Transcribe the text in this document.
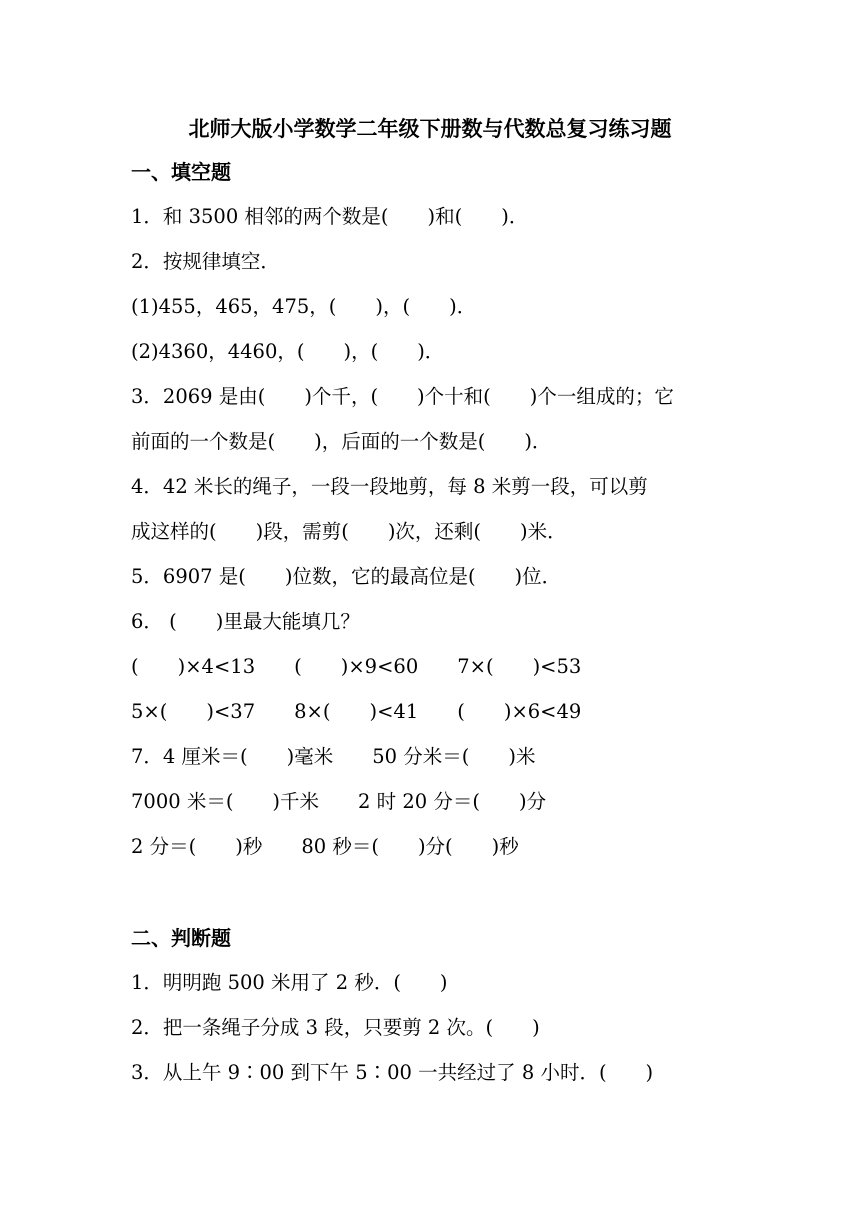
北师大版小学数学二年级下册数与代数总复习练习题
一、填空题
1．和 3500 相邻的两个数是(　　)和(　　)．
2．按规律填空．
(1)455，465，475，(　　)，(　　)．
(2)4360，4460，(　　)，(　　)．
3．2069 是由(　　)个千，(　　)个十和(　　)个一组成的；它
前面的一个数是(　　)，后面的一个数是(　　)．
4．42 米长的绳子，一段一段地剪，每 8 米剪一段，可以剪
成这样的(　　)段，需剪(　　)次，还剩(　　)米．
5．6907 是(　　)位数，它的最高位是(　　)位．
6． (　　)里最大能填几？
(　　)×4<13　　(　　)×9<60　　7×(　　)<53
5×(　　)<37　　8×(　　)<41　　(　　)×6<49
7．4 厘米＝(　　)毫米　　50 分米＝(　　)米
7000 米＝(　　)千米　　2 时 20 分＝(　　)分
2 分＝(　　)秒　　80 秒＝(　　)分(　　)秒
二、判断题
1．明明跑 500 米用了 2 秒．(　　)
2．把一条绳子分成 3 段，只要剪 2 次。(　　)
3．从上午 9∶00 到下午 5∶00 一共经过了 8 小时．(　　)
